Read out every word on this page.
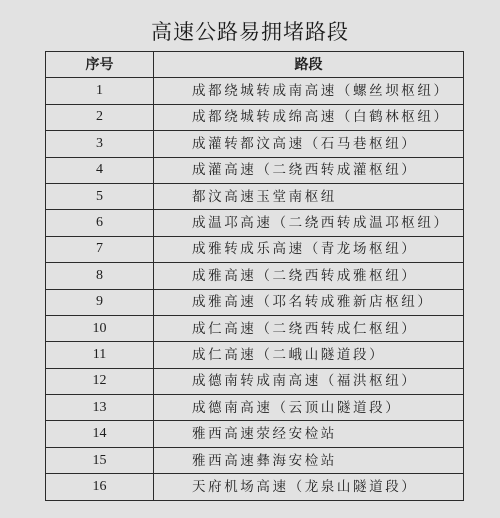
高速公路易拥堵路段
序号	路段
1	成都绕城转成南高速（螺丝坝枢纽）
2	成都绕城转成绵高速（白鹤林枢纽）
3	成灌转都汶高速（石马巷枢纽）
4	成灌高速（二绕西转成灌枢纽）
5	都汶高速玉堂南枢纽
6	成温邛高速（二绕西转成温邛枢纽）
7	成雅转成乐高速（青龙场枢纽）
8	成雅高速（二绕西转成雅枢纽）
9	成雅高速（邛名转成雅新店枢纽）
10	成仁高速（二绕西转成仁枢纽）
11	成仁高速（二峨山隧道段）
12	成德南转成南高速（福洪枢纽）
13	成德南高速（云顶山隧道段）
14	雅西高速荥经安检站
15	雅西高速彝海安检站
16	天府机场高速（龙泉山隧道段）
